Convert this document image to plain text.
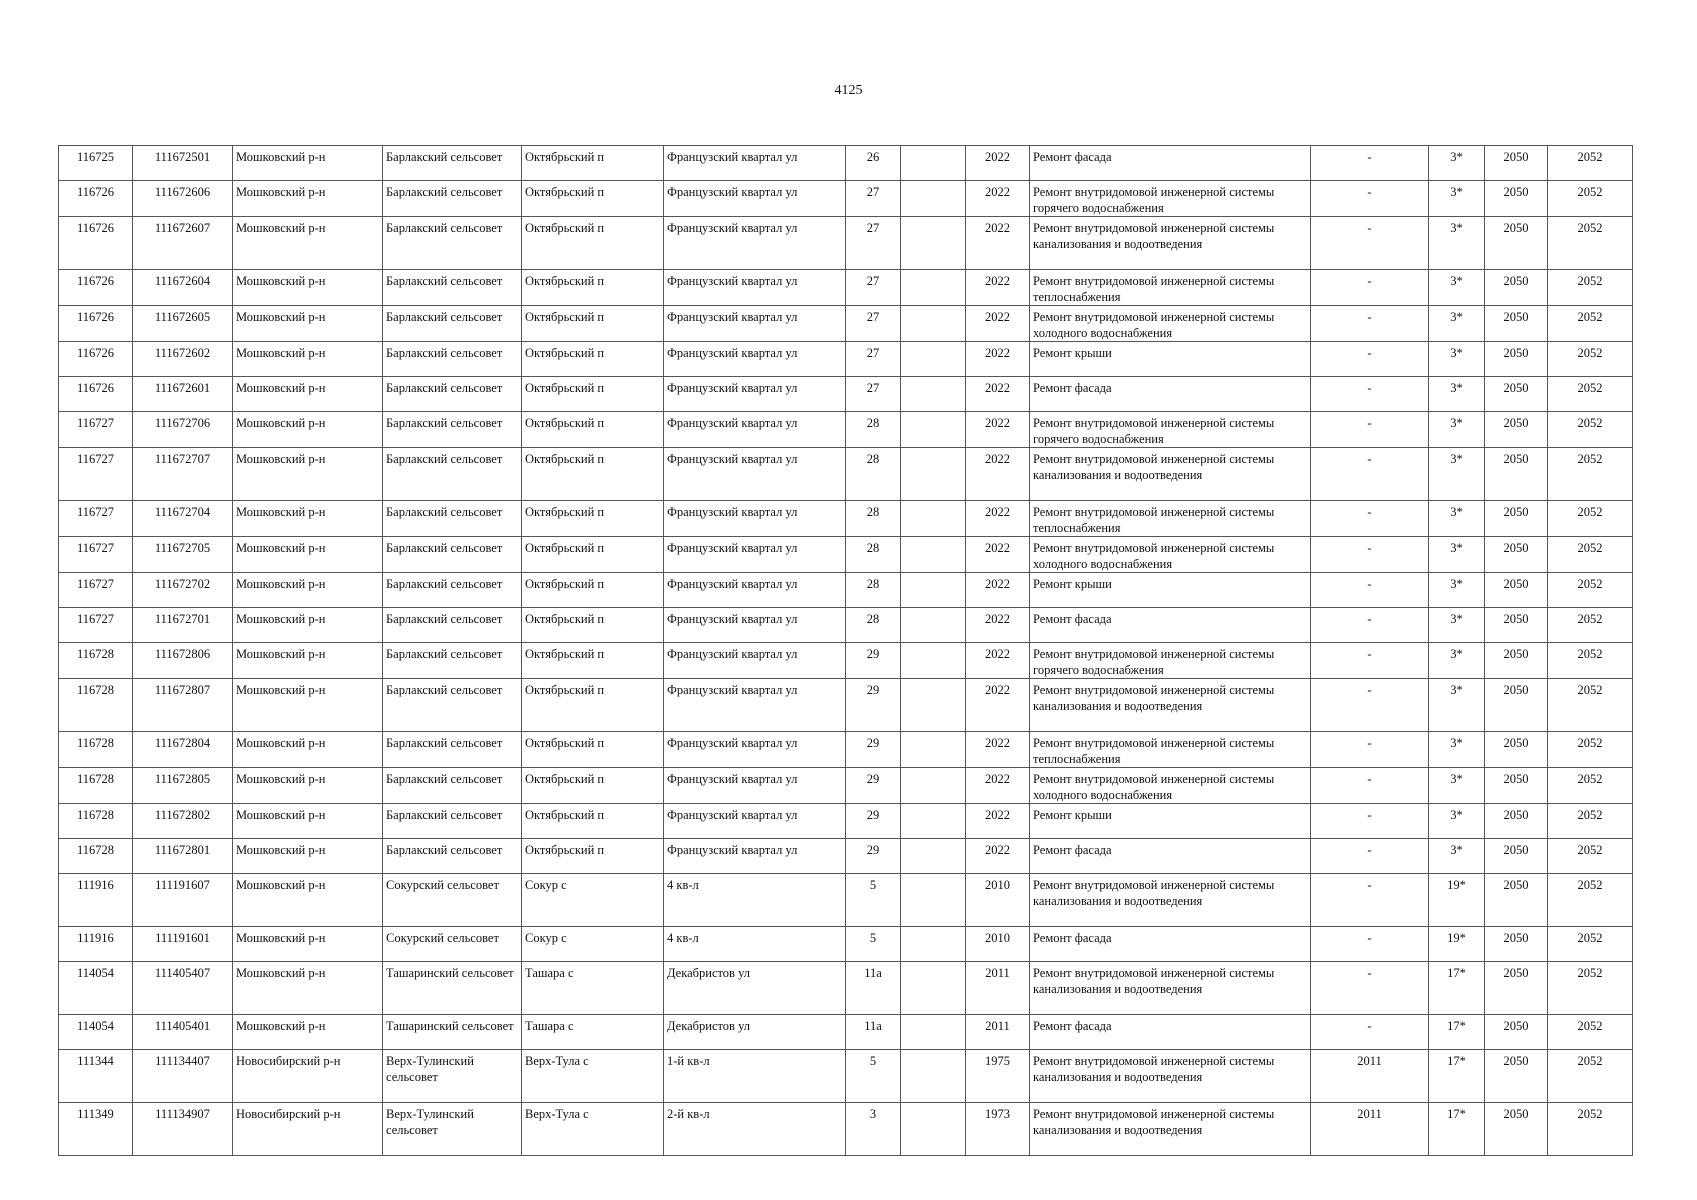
4125
116725	111672501	Мошковский р-н	Барлакский сельсовет	Октябрьский п	Французский квартал ул	26		2022	Ремонт фасада	-	3*	2050	2052
116726	111672606	Мошковский р-н	Барлакский сельсовет	Октябрьский п	Французский квартал ул	27		2022	Ремонт внутридомовой инженерной системы горячего водоснабжения	-	3*	2050	2052
116726	111672607	Мошковский р-н	Барлакский сельсовет	Октябрьский п	Французский квартал ул	27		2022	Ремонт внутридомовой инженерной системы канализования и водоотведения	-	3*	2050	2052
116726	111672604	Мошковский р-н	Барлакский сельсовет	Октябрьский п	Французский квартал ул	27		2022	Ремонт внутридомовой инженерной системы теплоснабжения	-	3*	2050	2052
116726	111672605	Мошковский р-н	Барлакский сельсовет	Октябрьский п	Французский квартал ул	27		2022	Ремонт внутридомовой инженерной системы холодного водоснабжения	-	3*	2050	2052
116726	111672602	Мошковский р-н	Барлакский сельсовет	Октябрьский п	Французский квартал ул	27		2022	Ремонт крыши	-	3*	2050	2052
116726	111672601	Мошковский р-н	Барлакский сельсовет	Октябрьский п	Французский квартал ул	27		2022	Ремонт фасада	-	3*	2050	2052
116727	111672706	Мошковский р-н	Барлакский сельсовет	Октябрьский п	Французский квартал ул	28		2022	Ремонт внутридомовой инженерной системы горячего водоснабжения	-	3*	2050	2052
116727	111672707	Мошковский р-н	Барлакский сельсовет	Октябрьский п	Французский квартал ул	28		2022	Ремонт внутридомовой инженерной системы канализования и водоотведения	-	3*	2050	2052
116727	111672704	Мошковский р-н	Барлакский сельсовет	Октябрьский п	Французский квартал ул	28		2022	Ремонт внутридомовой инженерной системы теплоснабжения	-	3*	2050	2052
116727	111672705	Мошковский р-н	Барлакский сельсовет	Октябрьский п	Французский квартал ул	28		2022	Ремонт внутридомовой инженерной системы холодного водоснабжения	-	3*	2050	2052
116727	111672702	Мошковский р-н	Барлакский сельсовет	Октябрьский п	Французский квартал ул	28		2022	Ремонт крыши	-	3*	2050	2052
116727	111672701	Мошковский р-н	Барлакский сельсовет	Октябрьский п	Французский квартал ул	28		2022	Ремонт фасада	-	3*	2050	2052
116728	111672806	Мошковский р-н	Барлакский сельсовет	Октябрьский п	Французский квартал ул	29		2022	Ремонт внутридомовой инженерной системы горячего водоснабжения	-	3*	2050	2052
116728	111672807	Мошковский р-н	Барлакский сельсовет	Октябрьский п	Французский квартал ул	29		2022	Ремонт внутридомовой инженерной системы канализования и водоотведения	-	3*	2050	2052
116728	111672804	Мошковский р-н	Барлакский сельсовет	Октябрьский п	Французский квартал ул	29		2022	Ремонт внутридомовой инженерной системы теплоснабжения	-	3*	2050	2052
116728	111672805	Мошковский р-н	Барлакский сельсовет	Октябрьский п	Французский квартал ул	29		2022	Ремонт внутридомовой инженерной системы холодного водоснабжения	-	3*	2050	2052
116728	111672802	Мошковский р-н	Барлакский сельсовет	Октябрьский п	Французский квартал ул	29		2022	Ремонт крыши	-	3*	2050	2052
116728	111672801	Мошковский р-н	Барлакский сельсовет	Октябрьский п	Французский квартал ул	29		2022	Ремонт фасада	-	3*	2050	2052
111916	111191607	Мошковский р-н	Сокурский сельсовет	Сокур с	4 кв-л	5		2010	Ремонт внутридомовой инженерной системы канализования и водоотведения	-	19*	2050	2052
111916	111191601	Мошковский р-н	Сокурский сельсовет	Сокур с	4 кв-л	5		2010	Ремонт фасада	-	19*	2050	2052
114054	111405407	Мошковский р-н	Ташаринский сельсовет	Ташара с	Декабристов ул	11а		2011	Ремонт внутридомовой инженерной системы канализования и водоотведения	-	17*	2050	2052
114054	111405401	Мошковский р-н	Ташаринский сельсовет	Ташара с	Декабристов ул	11а		2011	Ремонт фасада	-	17*	2050	2052
111344	111134407	Новосибирский р-н	Верх-Тулинский сельсовет	Верх-Тула с	1-й кв-л	5		1975	Ремонт внутридомовой инженерной системы канализования и водоотведения	2011	17*	2050	2052
111349	111134907	Новосибирский р-н	Верх-Тулинский сельсовет	Верх-Тула с	2-й кв-л	3		1973	Ремонт внутридомовой инженерной системы канализования и водоотведения	2011	17*	2050	2052
